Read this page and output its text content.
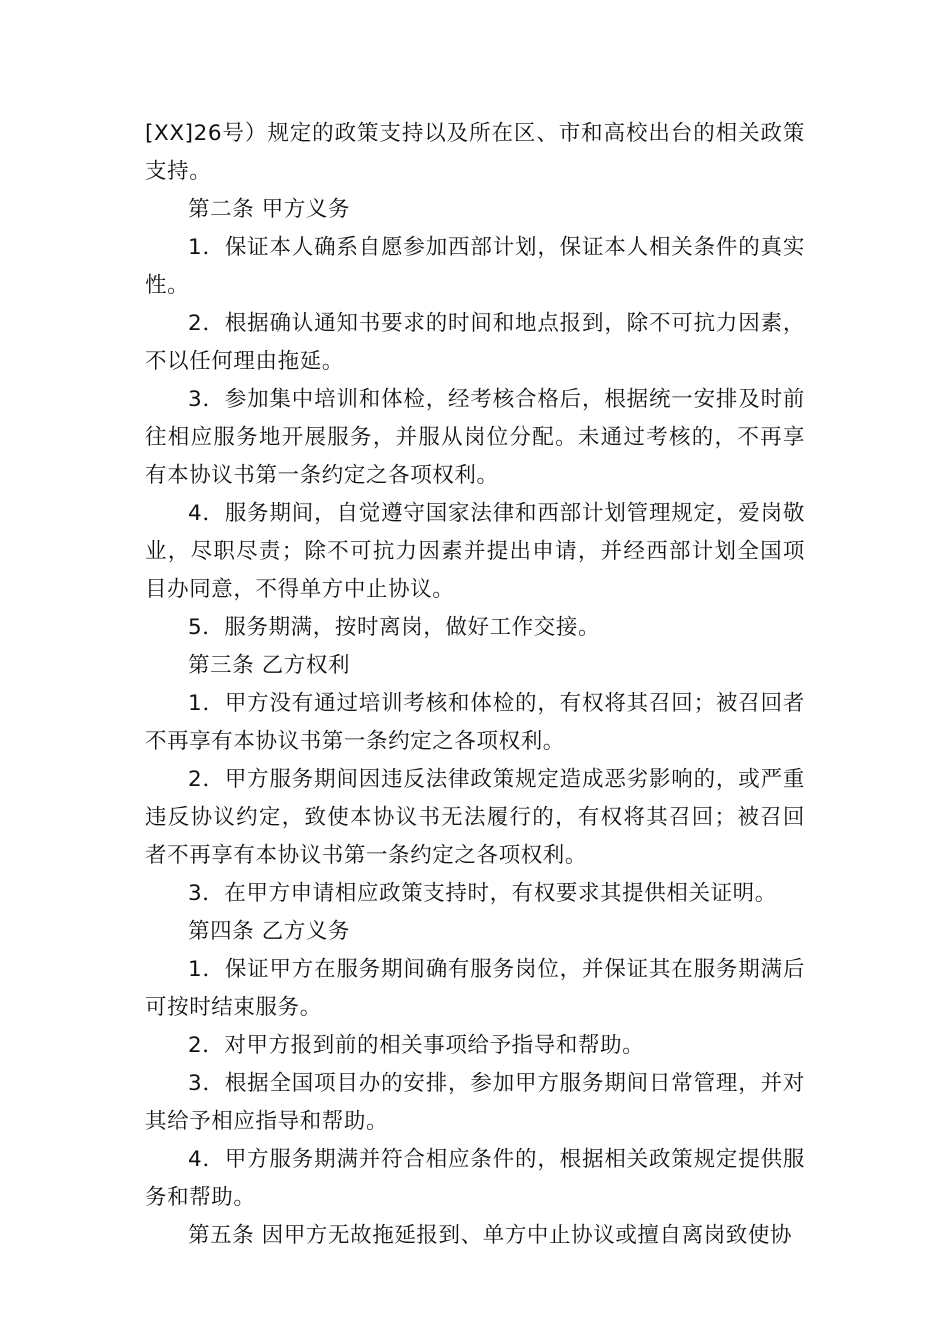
[XX]26号）规定的政策支持以及所在区、市和高校出台的相关政策支持。

第二条 甲方义务

1．保证本人确系自愿参加西部计划，保证本人相关条件的真实性。

2．根据确认通知书要求的时间和地点报到，除不可抗力因素，不以任何理由拖延。

3．参加集中培训和体检，经考核合格后，根据统一安排及时前往相应服务地开展服务，并服从岗位分配。未通过考核的，不再享有本协议书第一条约定之各项权利。

4．服务期间，自觉遵守国家法律和西部计划管理规定，爱岗敬业，尽职尽责；除不可抗力因素并提出申请，并经西部计划全国项目办同意，不得单方中止协议。

5．服务期满，按时离岗，做好工作交接。

第三条 乙方权利

1．甲方没有通过培训考核和体检的，有权将其召回；被召回者不再享有本协议书第一条约定之各项权利。

2．甲方服务期间因违反法律政策规定造成恶劣影响的，或严重违反协议约定，致使本协议书无法履行的，有权将其召回；被召回者不再享有本协议书第一条约定之各项权利。

3．在甲方申请相应政策支持时，有权要求其提供相关证明。

第四条 乙方义务

1．保证甲方在服务期间确有服务岗位，并保证其在服务期满后可按时结束服务。

2．对甲方报到前的相关事项给予指导和帮助。

3．根据全国项目办的安排，参加甲方服务期间日常管理，并对其给予相应指导和帮助。

4．甲方服务期满并符合相应条件的，根据相关政策规定提供服务和帮助。

第五条 因甲方无故拖延报到、单方中止协议或擅自离岗致使协
